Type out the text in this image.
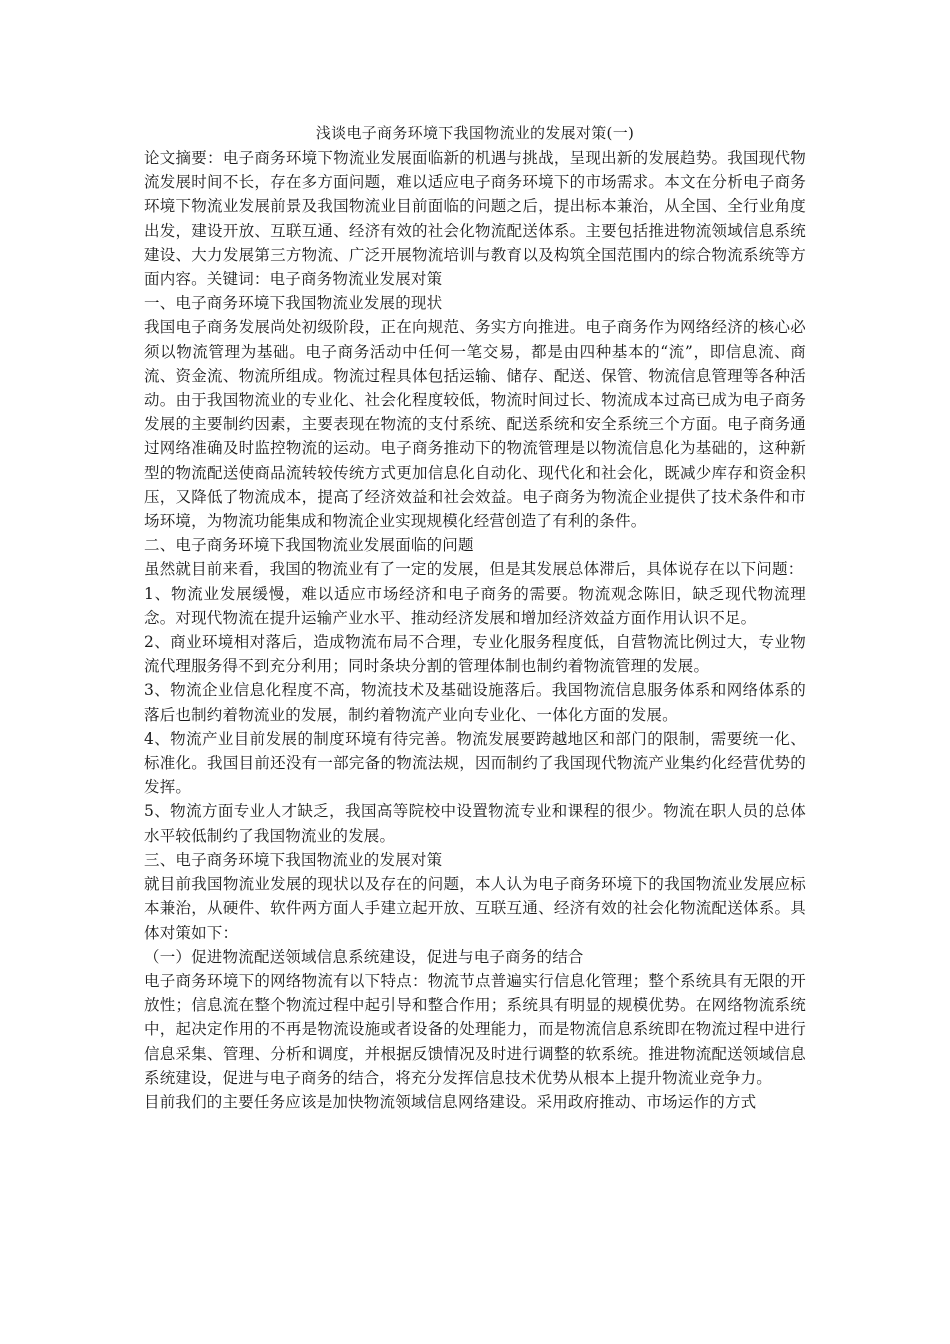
浅谈电子商务环境下我国物流业的发展对策(一)

论文摘要：电子商务环境下物流业发展面临新的机遇与挑战，呈现出新的发展趋势。我国现代物流发展时间不长，存在多方面问题，难以适应电子商务环境下的市场需求。本文在分析电子商务环境下物流业发展前景及我国物流业目前面临的问题之后，提出标本兼治，从全国、全行业角度出发，建设开放、互联互通、经济有效的社会化物流配送体系。主要包括推进物流领域信息系统建设、大力发展第三方物流、广泛开展物流培训与教育以及构筑全国范围内的综合物流系统等方面内容。关键词：电子商务物流业发展对策

一、电子商务环境下我国物流业发展的现状

我国电子商务发展尚处初级阶段，正在向规范、务实方向推进。电子商务作为网络经济的核心必须以物流管理为基础。电子商务活动中任何一笔交易，都是由四种基本的“流”，即信息流、商流、资金流、物流所组成。物流过程具体包括运输、储存、配送、保管、物流信息管理等各种活动。由于我国物流业的专业化、社会化程度较低，物流时间过长、物流成本过高已成为电子商务发展的主要制约因素，主要表现在物流的支付系统、配送系统和安全系统三个方面。电子商务通过网络准确及时监控物流的运动。电子商务推动下的物流管理是以物流信息化为基础的，这种新型的物流配送使商品流转较传统方式更加信息化自动化、现代化和社会化，既减少库存和资金积压，又降低了物流成本，提高了经济效益和社会效益。电子商务为物流企业提供了技术条件和市场环境，为物流功能集成和物流企业实现规模化经营创造了有利的条件。

二、电子商务环境下我国物流业发展面临的问题

虽然就目前来看，我国的物流业有了一定的发展，但是其发展总体滞后，具体说存在以下问题：

1、物流业发展缓慢，难以适应市场经济和电子商务的需要。物流观念陈旧，缺乏现代物流理念。对现代物流在提升运输产业水平、推动经济发展和增加经济效益方面作用认识不足。

2、商业环境相对落后，造成物流布局不合理，专业化服务程度低，自营物流比例过大，专业物流代理服务得不到充分利用；同时条块分割的管理体制也制约着物流管理的发展。

3、物流企业信息化程度不高，物流技术及基础设施落后。我国物流信息服务体系和网络体系的落后也制约着物流业的发展，制约着物流产业向专业化、一体化方面的发展。

4、物流产业目前发展的制度环境有待完善。物流发展要跨越地区和部门的限制，需要统一化、标准化。我国目前还没有一部完备的物流法规，因而制约了我国现代物流产业集约化经营优势的发挥。

5、物流方面专业人才缺乏，我国高等院校中设置物流专业和课程的很少。物流在职人员的总体水平较低制约了我国物流业的发展。

三、电子商务环境下我国物流业的发展对策

就目前我国物流业发展的现状以及存在的问题，本人认为电子商务环境下的我国物流业发展应标本兼治，从硬件、软件两方面人手建立起开放、互联互通、经济有效的社会化物流配送体系。具体对策如下：

（一）促进物流配送领域信息系统建设，促进与电子商务的结合

电子商务环境下的网络物流有以下特点：物流节点普遍实行信息化管理；整个系统具有无限的开放性；信息流在整个物流过程中起引导和整合作用；系统具有明显的规模优势。在网络物流系统中，起决定作用的不再是物流设施或者设备的处理能力，而是物流信息系统即在物流过程中进行信息采集、管理、分析和调度，并根据反馈情况及时进行调整的软系统。推进物流配送领域信息系统建设，促进与电子商务的结合，将充分发挥信息技术优势从根本上提升物流业竞争力。

目前我们的主要任务应该是加快物流领域信息网络建设。采用政府推动、市场运作的方式
